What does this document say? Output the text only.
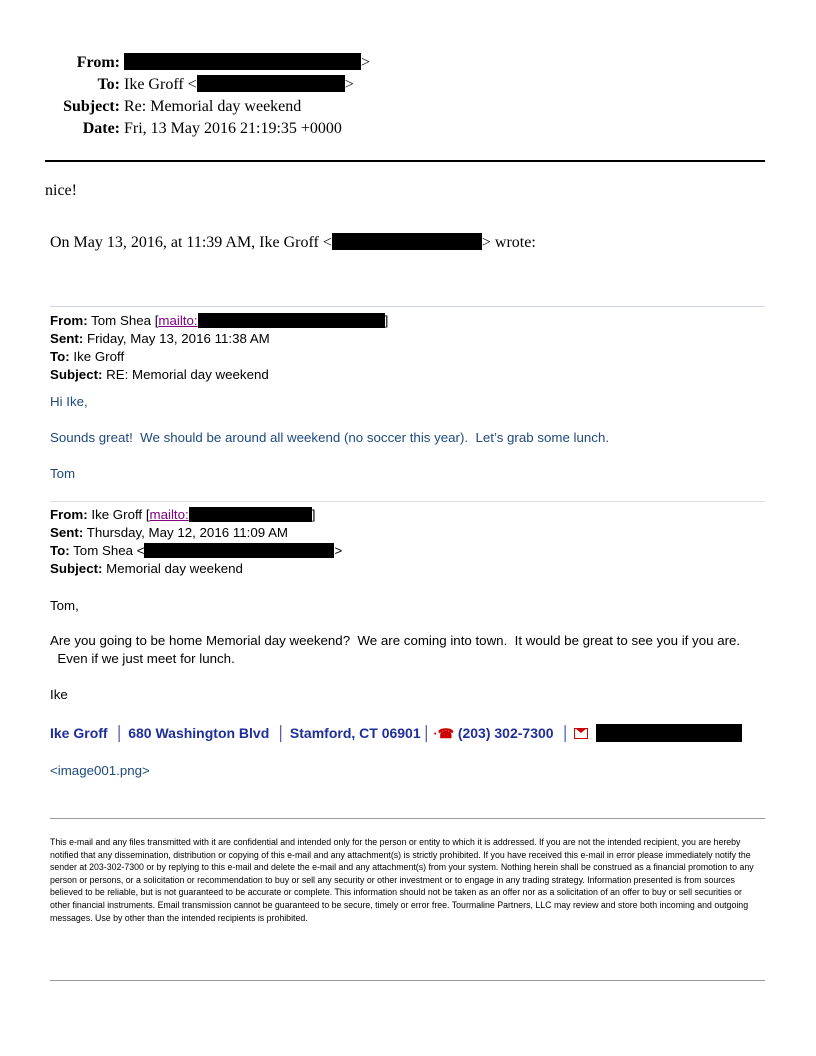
From:	>
To: Ike Groff <	>
Subject: Re: Memorial day weekend
Date: Fri, 13 May 2016 21:19:35 +0000
nice!
On May 13, 2016, at 11:39 AM, Ike Groff <	> wrote:
From: Tom Shea [mailto:	]
Sent: Friday, May 13, 2016 11:38 AM
To: Ike Groff
Subject: RE: Memorial day weekend
Hi Ike,
Sounds great!  We should be around all weekend (no soccer this year).  Let’s grab some lunch.
Tom
From: Ike Groff [mailto:	]
Sent: Thursday, May 12, 2016 11:09 AM
To: Tom Shea <	>
Subject: Memorial day weekend
Tom,
Are you going to be home Memorial day weekend?  We are coming into town.  It would be great to see you if you are.
Even if we just meet for lunch.
Ike
Ike Groff │ 680 Washington Blvd │ Stamford, CT 06901 │ ·☎ (203) 302-7300 │
<image001.png>
This e-mail and any files transmitted with it are confidential and intended only for the person or entity to which it is addressed. If you are not the intended recipient, you are hereby notified that any dissemination, distribution or copying of this e-mail and any attachment(s) is strictly prohibited. If you have received this e-mail in error please immediately notify the sender at 203-302-7300 or by replying to this e-mail and delete the e-mail and any attachment(s) from your system. Nothing herein shall be construed as a financial promotion to any person or persons, or a solicitation or recommendation to buy or sell any security or other investment or to engage in any trading strategy. Information presented is from sources believed to be reliable, but is not guaranteed to be accurate or complete. This information should not be taken as an offer nor as a solicitation of an offer to buy or sell securities or other financial instruments. Email transmission cannot be guaranteed to be secure, timely or error free. Tourmaline Partners, LLC may review and store both incoming and outgoing messages. Use by other than the intended recipients is prohibited.
